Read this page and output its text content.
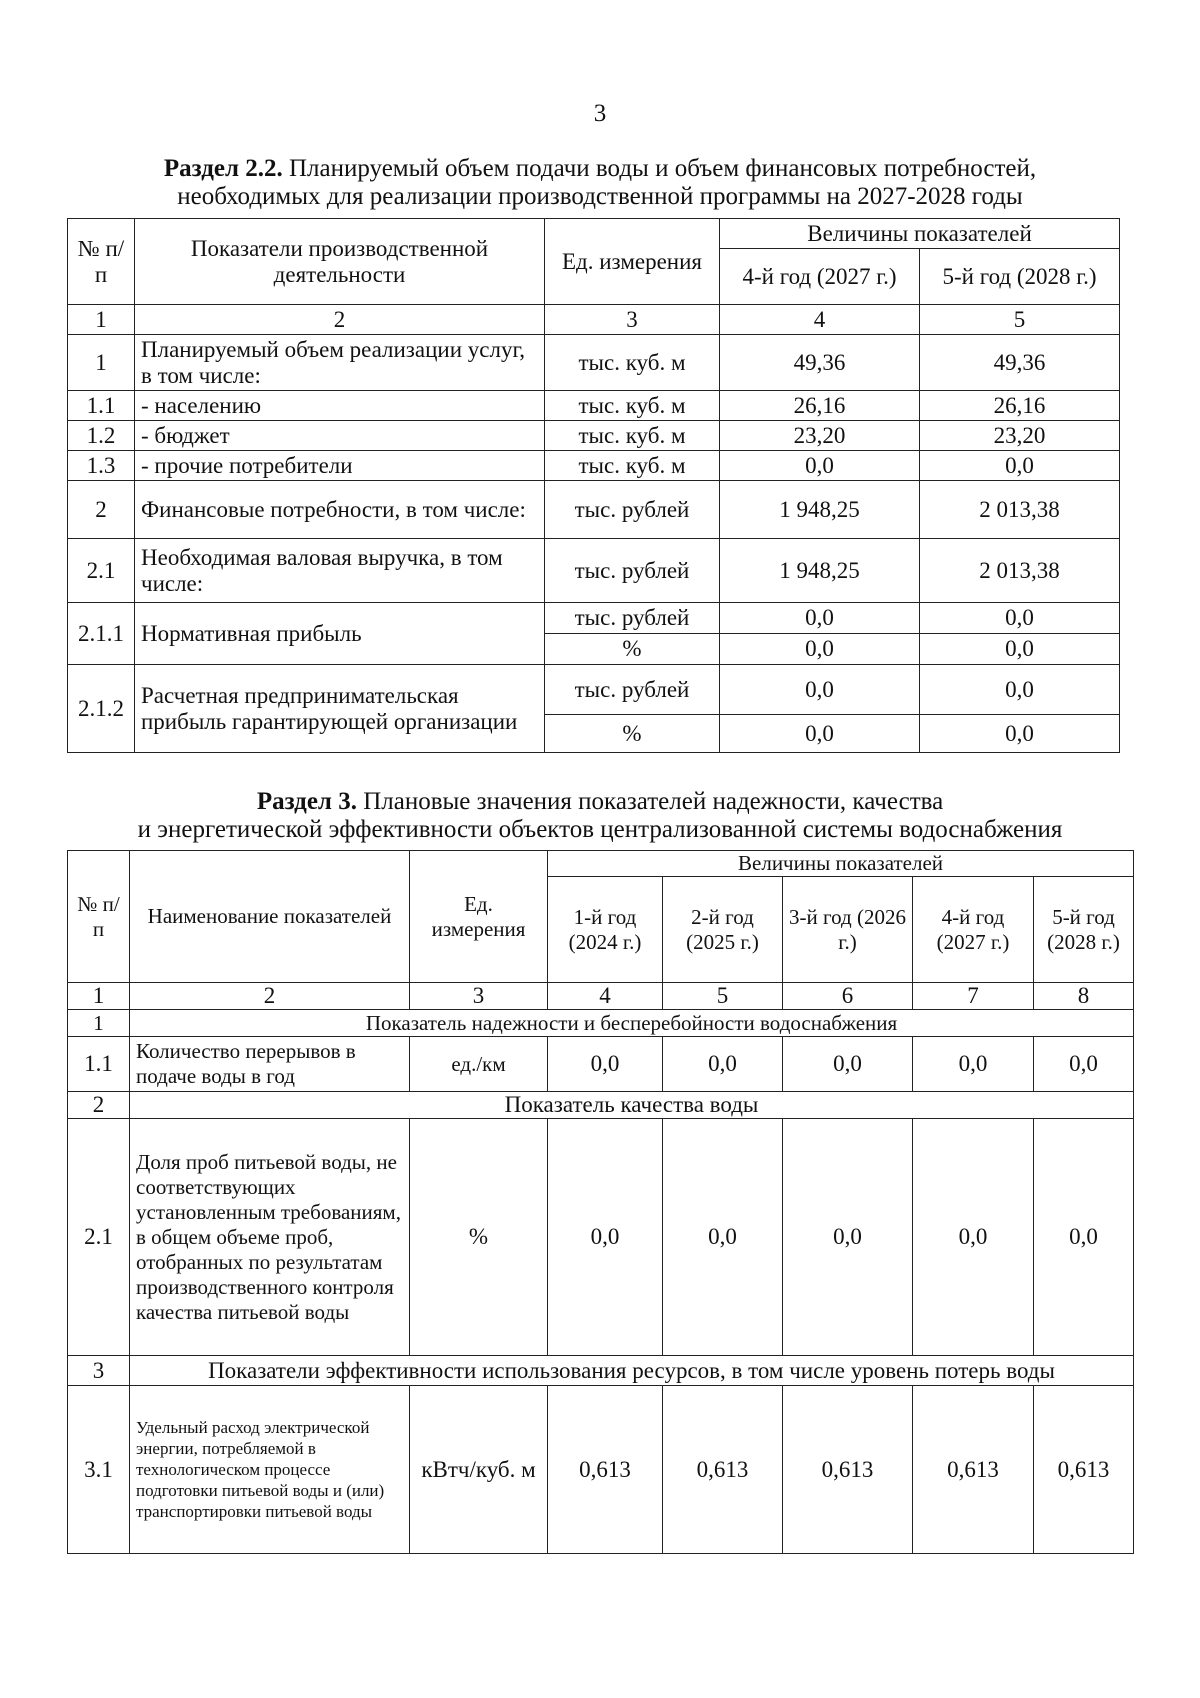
3
Раздел 2.2. Планируемый объем подачи воды и объем финансовых потребностей,
необходимых для реализации производственной программы на 2027-2028 годы
№ п/п	Показатели производственной деятельности	Ед. измерения	Величины показателей	
			4-й год (2027 г.)	5-й год (2028 г.)
1	2	3	4	5
1	Планируемый объем реализации услуг, в том числе:	тыс. куб. м	49,36	49,36
1.1	- населению	тыс. куб. м	26,16	26,16
1.2	- бюджет	тыс. куб. м	23,20	23,20
1.3	- прочие потребители	тыс. куб. м	0,0	0,0
2	Финансовые потребности, в том числе:	тыс. рублей	1 948,25	2 013,38
2.1	Необходимая валовая выручка, в том числе:	тыс. рублей	1 948,25	2 013,38
2.1.1	Нормативная прибыль	тыс. рублей	0,0	0,0
		%	0,0	0,0
2.1.2	Расчетная предпринимательская прибыль гарантирующей организации	тыс. рублей	0,0	0,0
		%	0,0	0,0
Раздел 3. Плановые значения показателей надежности, качества
и энергетической эффективности объектов централизованной системы водоснабжения
№ п/п	Наименование показателей	Ед. измерения	Величины показателей				
			1-й год (2024 г.)	2-й год (2025 г.)	3-й год (2026 г.)	4-й год (2027 г.)	5-й год (2028 г.)
1	2	3	4	5	6	7	8
1	Показатель надежности и бесперебойности водоснабжения						
1.1	Количество перерывов в подаче воды в год	ед./км	0,0	0,0	0,0	0,0	0,0
2	Показатель качества воды						
2.1	Доля проб питьевой воды, не соответствующих установленным требованиям, в общем объеме проб, отобранных по результатам производственного контроля качества питьевой воды	%	0,0	0,0	0,0	0,0	0,0
3	Показатели эффективности использования ресурсов, в том числе уровень потерь воды						
3.1	Удельный расход электрической энергии, потребляемой в технологическом процессе подготовки питьевой воды и (или) транспортировки питьевой воды	кВтч/куб. м	0,613	0,613	0,613	0,613	0,613
